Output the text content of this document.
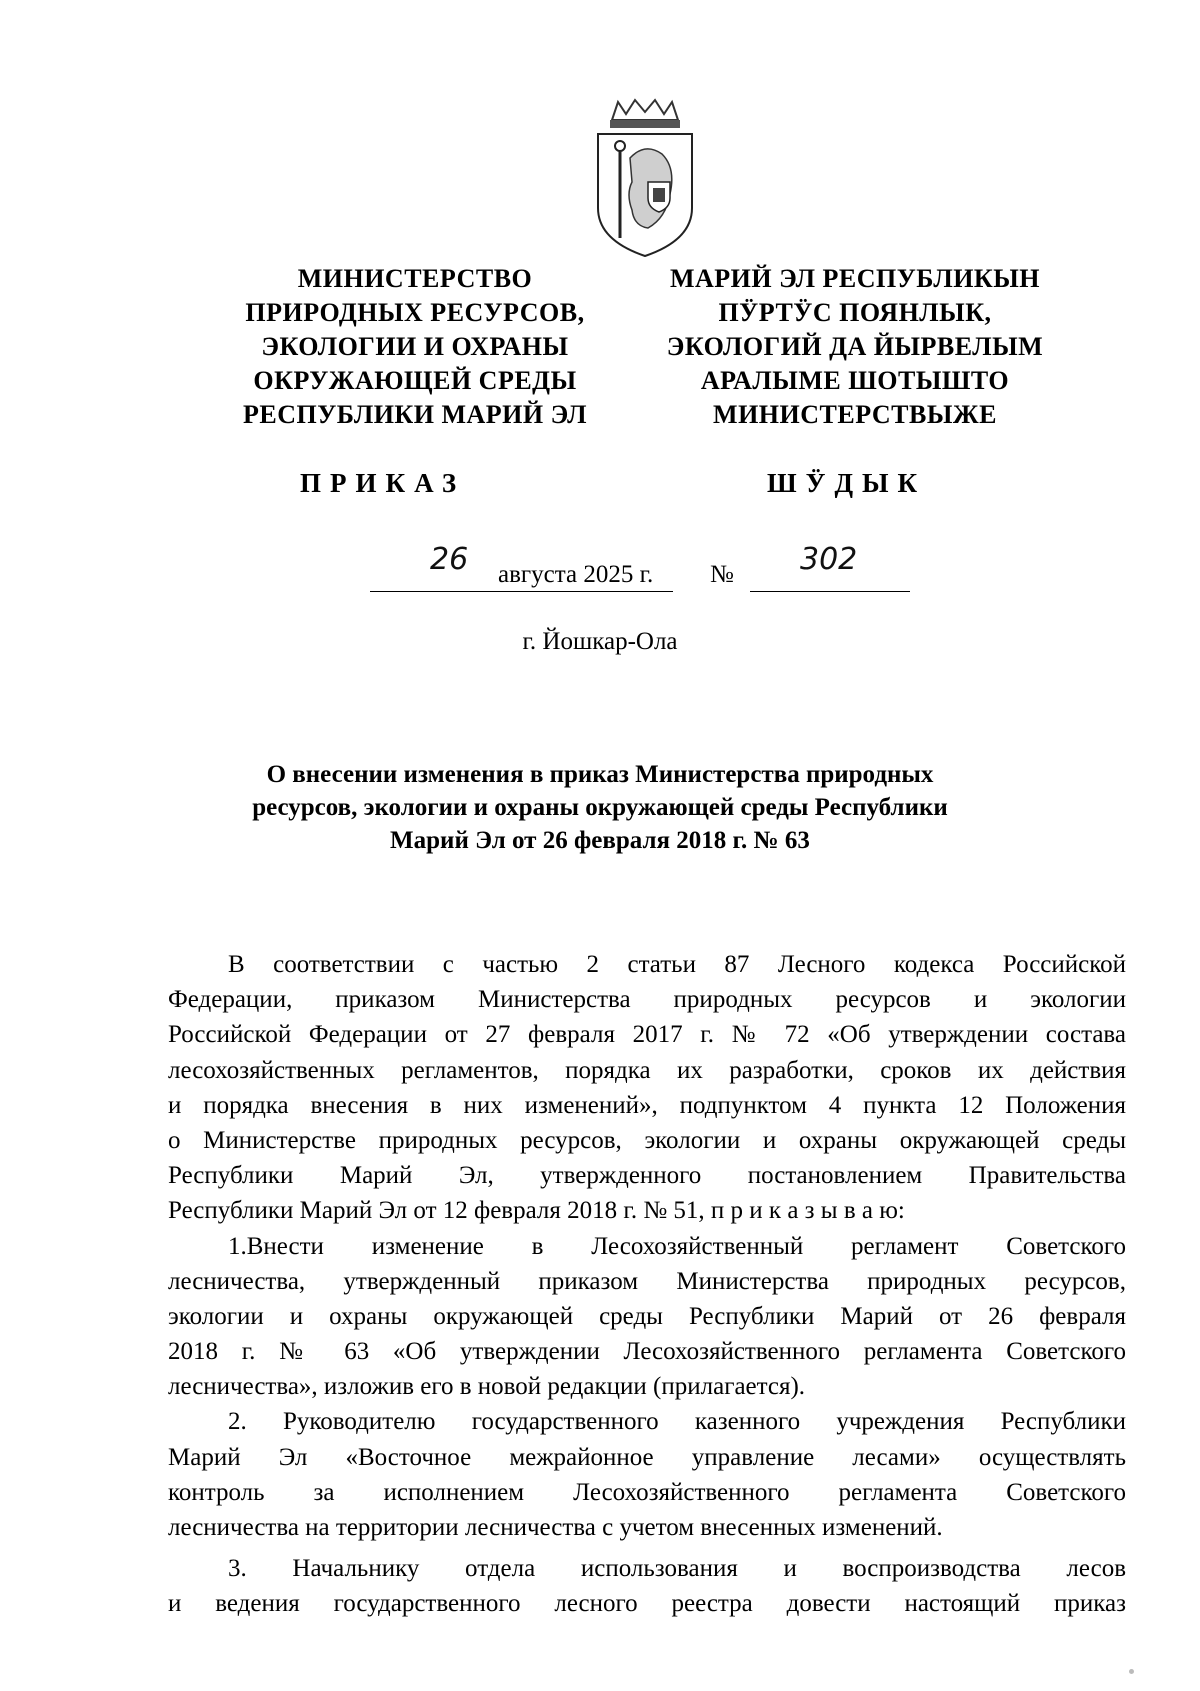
МИНИСТЕРСТВО
ПРИРОДНЫХ РЕСУРСОВ,
ЭКОЛОГИИ И ОХРАНЫ
ОКРУЖАЮЩЕЙ СРЕДЫ
РЕСПУБЛИКИ МАРИЙ ЭЛ
МАРИЙ ЭЛ РЕСПУБЛИКЫН
ПӰРТӰС ПОЯНЛЫК,
ЭКОЛОГИЙ ДА ЙЫРВЕЛЫМ
АРАЛЫМЕ ШОТЫШТО
МИНИСТЕРСТВЫЖЕ
ПРИКАЗ	ШӰДЫК
26 августа 2025 г. № 302
г. Йошкар-Ола
О внесении изменения в приказ Министерства природных
ресурсов, экологии и охраны окружающей среды Республики
Марий Эл от 26 февраля 2018 г. № 63
В соответствии с частью 2 статьи 87 Лесного кодекса Российской
Федерации, приказом Министерства природных ресурсов и экологии
Российской Федерации от 27 февраля 2017 г. № 72 «Об утверждении состава
лесохозяйственных регламентов, порядка их разработки, сроков их действия
и порядка внесения в них изменений», подпунктом 4 пункта 12 Положения
о Министерстве природных ресурсов, экологии и охраны окружающей среды
Республики Марий Эл, утвержденного постановлением Правительства
Республики Марий Эл от 12 февраля 2018 г. № 51, п р и к а з ы в а ю:
1.Внести изменение в Лесохозяйственный регламент Советского
лесничества, утвержденный приказом Министерства природных ресурсов,
экологии и охраны окружающей среды Республики Марий от 26 февраля
2018 г. № 63 «Об утверждении Лесохозяйственного регламента Советского
лесничества», изложив его в новой редакции (прилагается).
2. Руководителю государственного казенного учреждения Республики
Марий Эл «Восточное межрайонное управление лесами» осуществлять
контроль за исполнением Лесохозяйственного регламента Советского
лесничества на территории лесничества с учетом внесенных изменений.
3. Начальнику отдела использования и воспроизводства лесов
и ведения государственного лесного реестра довести настоящий приказ
